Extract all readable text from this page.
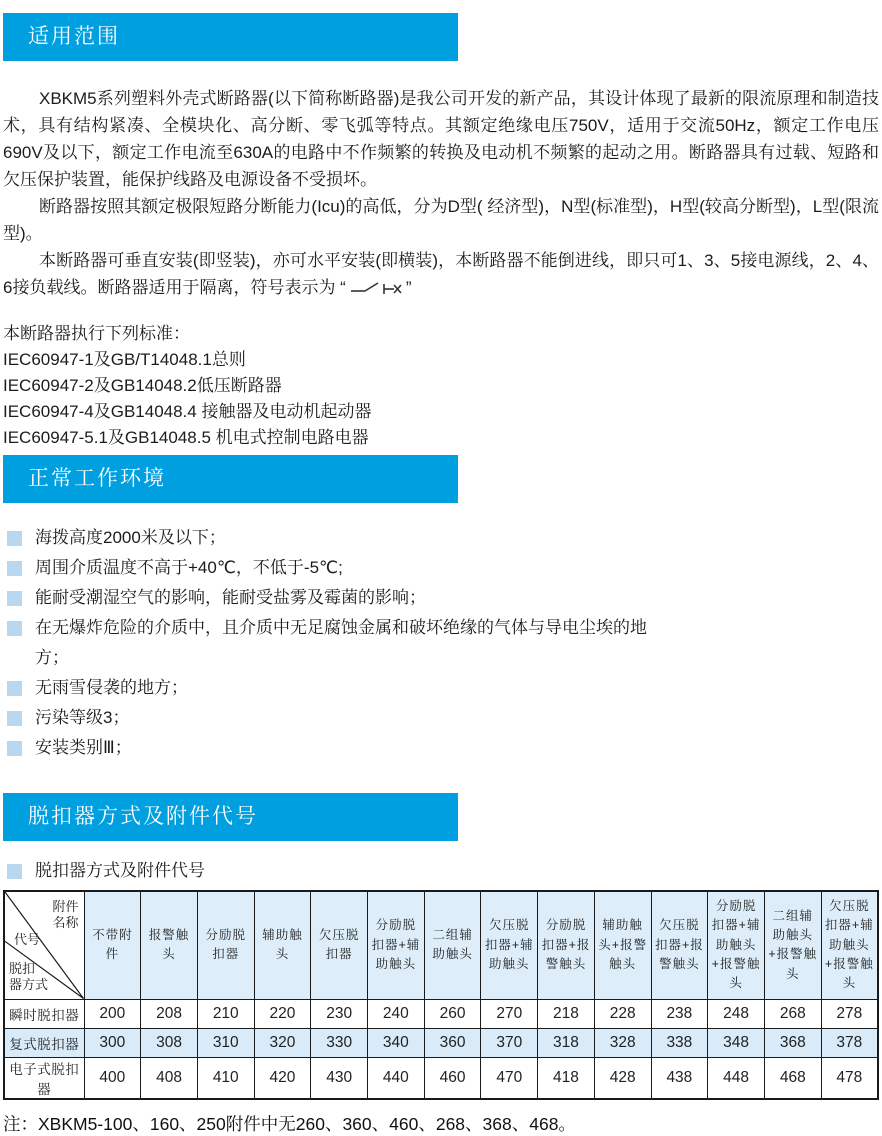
适用范围

XBKM5系列塑料外壳式断路器(以下简称断路器)是我公司开发的新产品，其设计体现了最新的限流原理和制造技术，具有结构紧凑、全模块化、高分断、零飞弧等特点。其额定绝缘电压750V，适用于交流50Hz，额定工作电压690V及以下，额定工作电流至630A的电路中不作频繁的转换及电动机不频繁的起动之用。断路器具有过载、短路和欠压保护装置，能保护线路及电源设备不受损坏。

断路器按照其额定极限短路分断能力(Icu)的高低，分为D型( 经济型)，N型(标准型)，H型(较高分断型)，L型(限流型)。

本断路器可垂直安装(即竖装)，亦可水平安装(即横装)，本断路器不能倒进线，即只可1、3、5接电源线，2、4、6接负载线。断路器适用于隔离，符号表示为 “	”

本断路器执行下列标准：
IEC60947-1及GB/T14048.1总则
IEC60947-2及GB14048.2低压断路器
IEC60947-4及GB14048.4 接触器及电动机起动器
IEC60947-5.1及GB14048.5 机电式控制电路电器
正常工作环境
海拨高度2000米及以下；
周围介质温度不高于+40℃，不低于-5℃;
能耐受潮湿空气的影响，能耐受盐雾及霉菌的影响；
在无爆炸危险的介质中，且介质中无足腐蚀金属和破坏绝缘的气体与导电尘埃的地方；
无雨雪侵袭的地方；
污染等级3；
安装类别Ⅲ；
脱扣器方式及附件代号
脱扣器方式及附件代号
附件
名称
代号
脱扣
器方式	不带附件	报警触头	分励脱扣器	辅助触头	欠压脱扣器	分励脱扣器+辅助触头	二组辅助触头	欠压脱扣器+辅助触头	分励脱扣器+报警触头	辅助触头+报警触头	欠压脱扣器+报警触头	分励脱扣器+辅助触头+报警触头	二组辅助触头+报警触头	欠压脱扣器+辅助触头+报警触头
瞬时脱扣器	200	208	210	220	230	240	260	270	218	228	238	248	268	278
复式脱扣器	300	308	310	320	330	340	360	370	318	328	338	348	368	378
电子式脱扣器	400	408	410	420	430	440	460	470	418	428	438	448	468	478
注：XBKM5-100、160、250附件中无260、360、460、268、368、468。
